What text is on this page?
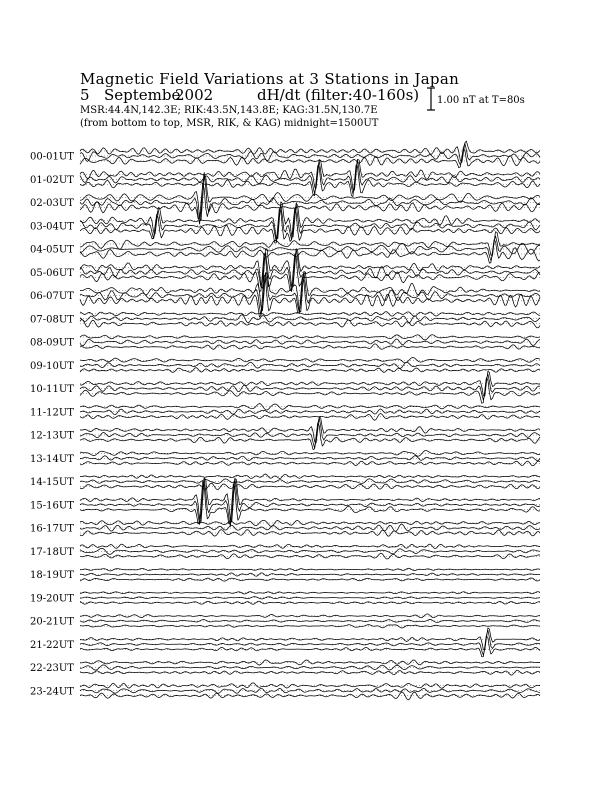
Magnetic Field Variations at 3 Stations in Japan
5 Septembe
2002	dH/dt (filter:40-160s)
MSR:44.4N,142.3E; RIK:43.5N,143.8E; KAG:31.5N,130.7E
(from bottom to top, MSR, RIK, & KAG) midnight=1500UT
1.00 nT at T=80s
00-01UT
01-02UT
02-03UT
03-04UT
04-05UT
05-06UT
06-07UT
07-08UT
08-09UT
09-10UT
10-11UT
11-12UT
12-13UT
13-14UT
14-15UT
15-16UT
16-17UT
17-18UT
18-19UT
19-20UT
20-21UT
21-22UT
22-23UT
23-24UT
